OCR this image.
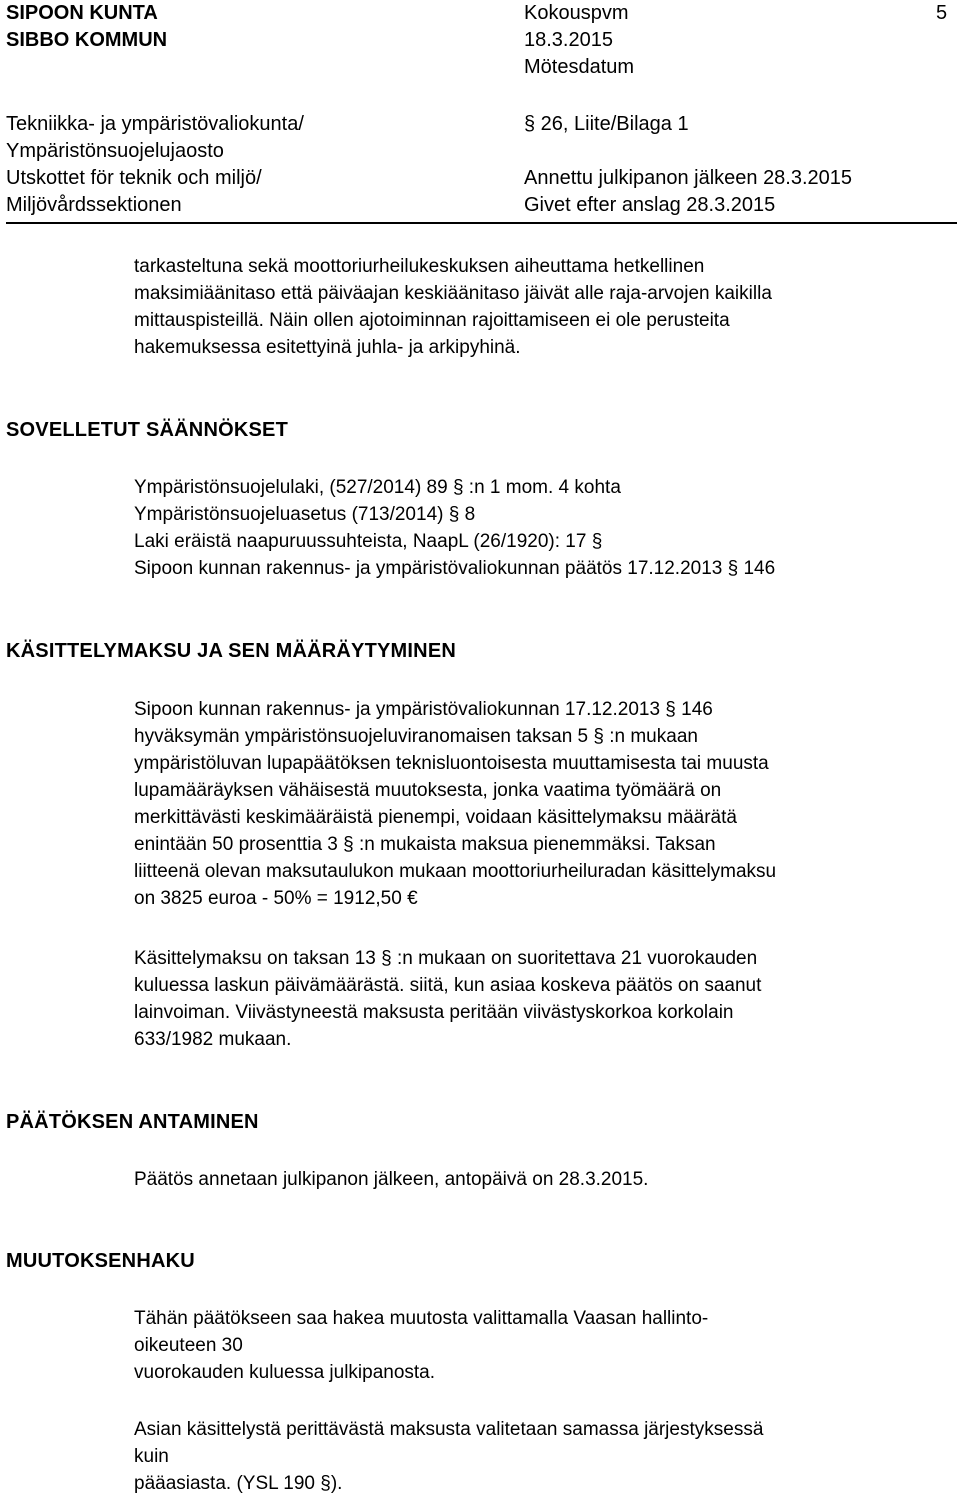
SIPOON KUNTA
SIBBO KOMMUN
Kokouspvm
18.3.2015
Mötesdatum
5
Tekniikka- ja ympäristövaliokunta/
Ympäristönsuojelujaosto
Utskottet för teknik och miljö/
Miljövårdssektionen
§ 26, Liite/Bilaga 1
Annettu julkipanon jälkeen 28.3.2015
Givet efter anslag 28.3.2015
tarkasteltuna sekä moottoriurheilukeskuksen aiheuttama hetkellinen
maksimiäänitaso että päiväajan keskiäänitaso jäivät alle raja-arvojen kaikilla
mittauspisteillä. Näin ollen ajotoiminnan rajoittamiseen ei ole perusteita
hakemuksessa esitettyinä juhla- ja arkipyhinä.
SOVELLETUT SÄÄNNÖKSET
Ympäristönsuojelulaki, (527/2014) 89 § :n 1 mom. 4 kohta
Ympäristönsuojeluasetus (713/2014) § 8
Laki eräistä naapuruussuhteista, NaapL (26/1920): 17 §
Sipoon kunnan rakennus- ja ympäristövaliokunnan päätös 17.12.2013 § 146
KÄSITTELYMAKSU JA SEN MÄÄRÄYTYMINEN
Sipoon kunnan rakennus- ja ympäristövaliokunnan 17.12.2013 § 146
hyväksymän ympäristönsuojeluviranomaisen taksan 5 § :n mukaan
ympäristöluvan lupapäätöksen teknisluontoisesta muuttamisesta tai muusta
lupamääräyksen vähäisestä muutoksesta, jonka vaatima työmäärä on
merkittävästi keskimääräistä pienempi, voidaan käsittelymaksu määrätä
enintään 50 prosenttia 3 § :n mukaista maksua pienemmäksi. Taksan
liitteenä olevan maksutaulukon mukaan moottoriurheiluradan käsittelymaksu
on 3825 euroa - 50% = 1912,50 €
Käsittelymaksu on taksan 13 § :n mukaan on suoritettava 21 vuorokauden
kuluessa laskun päivämäärästä. siitä, kun asiaa koskeva päätös on saanut
lainvoiman. Viivästyneestä maksusta peritään viivästyskorkoa korkolain
633/1982 mukaan.
PÄÄTÖKSEN ANTAMINEN
Päätös annetaan julkipanon jälkeen, antopäivä on 28.3.2015.
MUUTOKSENHAKU
Tähän päätökseen saa hakea muutosta valittamalla Vaasan hallinto-
oikeuteen 30
vuorokauden kuluessa julkipanosta.
Asian käsittelystä perittävästä maksusta valitetaan samassa järjestyksessä
kuin
pääasiasta. (YSL 190 §).
